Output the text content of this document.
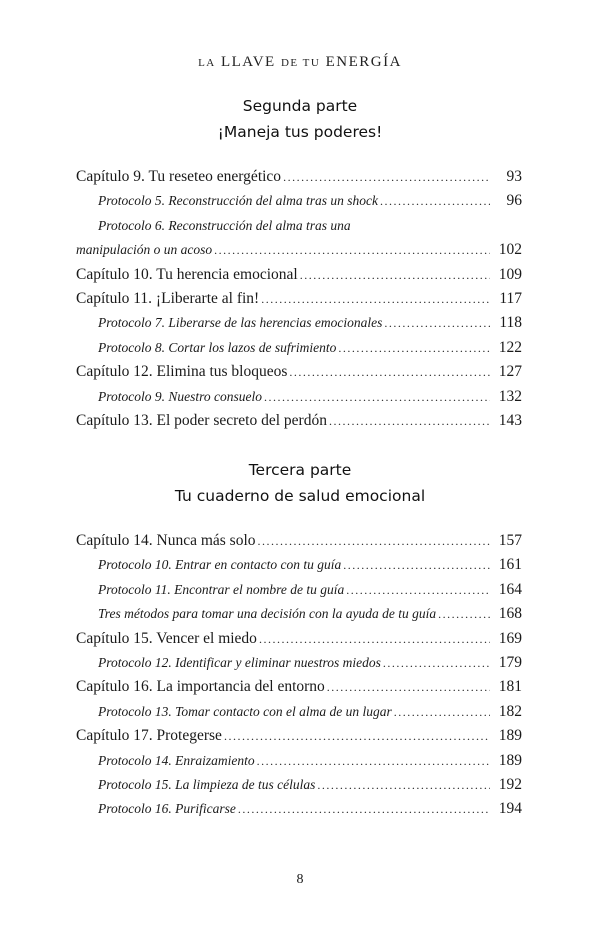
LA LLAVE DE TU ENERGÍA
Segunda parte
¡Maneja tus poderes!
Capítulo 9. Tu reseteo energético .....	93
Protocolo 5. Reconstrucción del alma tras un shock .....	96
Protocolo 6. Reconstrucción del alma tras una
manipulación o un acoso .....	102
Capítulo 10. Tu herencia emocional .....	109
Capítulo 11. ¡Liberarte al fin! .....	117
Protocolo 7. Liberarse de las herencias emocionales .....	118
Protocolo 8. Cortar los lazos de sufrimiento .....	122
Capítulo 12. Elimina tus bloqueos .....	127
Protocolo 9. Nuestro consuelo .....	132
Capítulo 13. El poder secreto del perdón .....	143
Tercera parte
Tu cuaderno de salud emocional
Capítulo 14. Nunca más solo .....	157
Protocolo 10. Entrar en contacto con tu guía .....	161
Protocolo 11. Encontrar el nombre de tu guía .....	164
Tres métodos para tomar una decisión con la ayuda de tu guía .....	168
Capítulo 15. Vencer el miedo .....	169
Protocolo 12. Identificar y eliminar nuestros miedos .....	179
Capítulo 16. La importancia del entorno .....	181
Protocolo 13. Tomar contacto con el alma de un lugar .....	182
Capítulo 17. Protegerse .....	189
Protocolo 14. Enraizamiento .....	189
Protocolo 15. La limpieza de tus células .....	192
Protocolo 16. Purificarse .....	194
8
